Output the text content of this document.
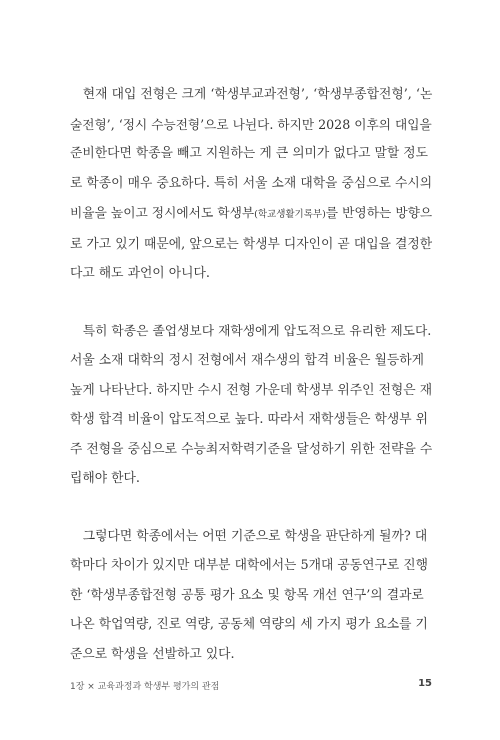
　현재 대입 전형은 크게 ‘학생부교과전형’, ‘학생부종합전형’, ‘논
술전형’, ‘정시 수능전형’으로 나뉜다. 하지만 2028 이후의 대입을
준비한다면 학종을 빼고 지원하는 게 큰 의미가 없다고 말할 정도
로 학종이 매우 중요하다. 특히 서울 소재 대학을 중심으로 수시의
비율을 높이고 정시에서도 학생부(학교생활기록부)를 반영하는 방향으
로 가고 있기 때문에, 앞으로는 학생부 디자인이 곧 대입을 결정한
다고 해도 과언이 아니다.

　특히 학종은 졸업생보다 재학생에게 압도적으로 유리한 제도다.
서울 소재 대학의 정시 전형에서 재수생의 합격 비율은 월등하게
높게 나타난다. 하지만 수시 전형 가운데 학생부 위주인 전형은 재
학생 합격 비율이 압도적으로 높다. 따라서 재학생들은 학생부 위
주 전형을 중심으로 수능최저학력기준을 달성하기 위한 전략을 수
립해야 한다.

　그렇다면 학종에서는 어떤 기준으로 학생을 판단하게 될까? 대
학마다 차이가 있지만 대부분 대학에서는 5개대 공동연구로 진행
한 ‘학생부종합전형 공통 평가 요소 및 항목 개선 연구’의 결과로
나온 학업역량, 진로 역량, 공동체 역량의 세 가지 평가 요소를 기
준으로 학생을 선발하고 있다.

1장 × 교육과정과 학생부 평가의 관점	15
